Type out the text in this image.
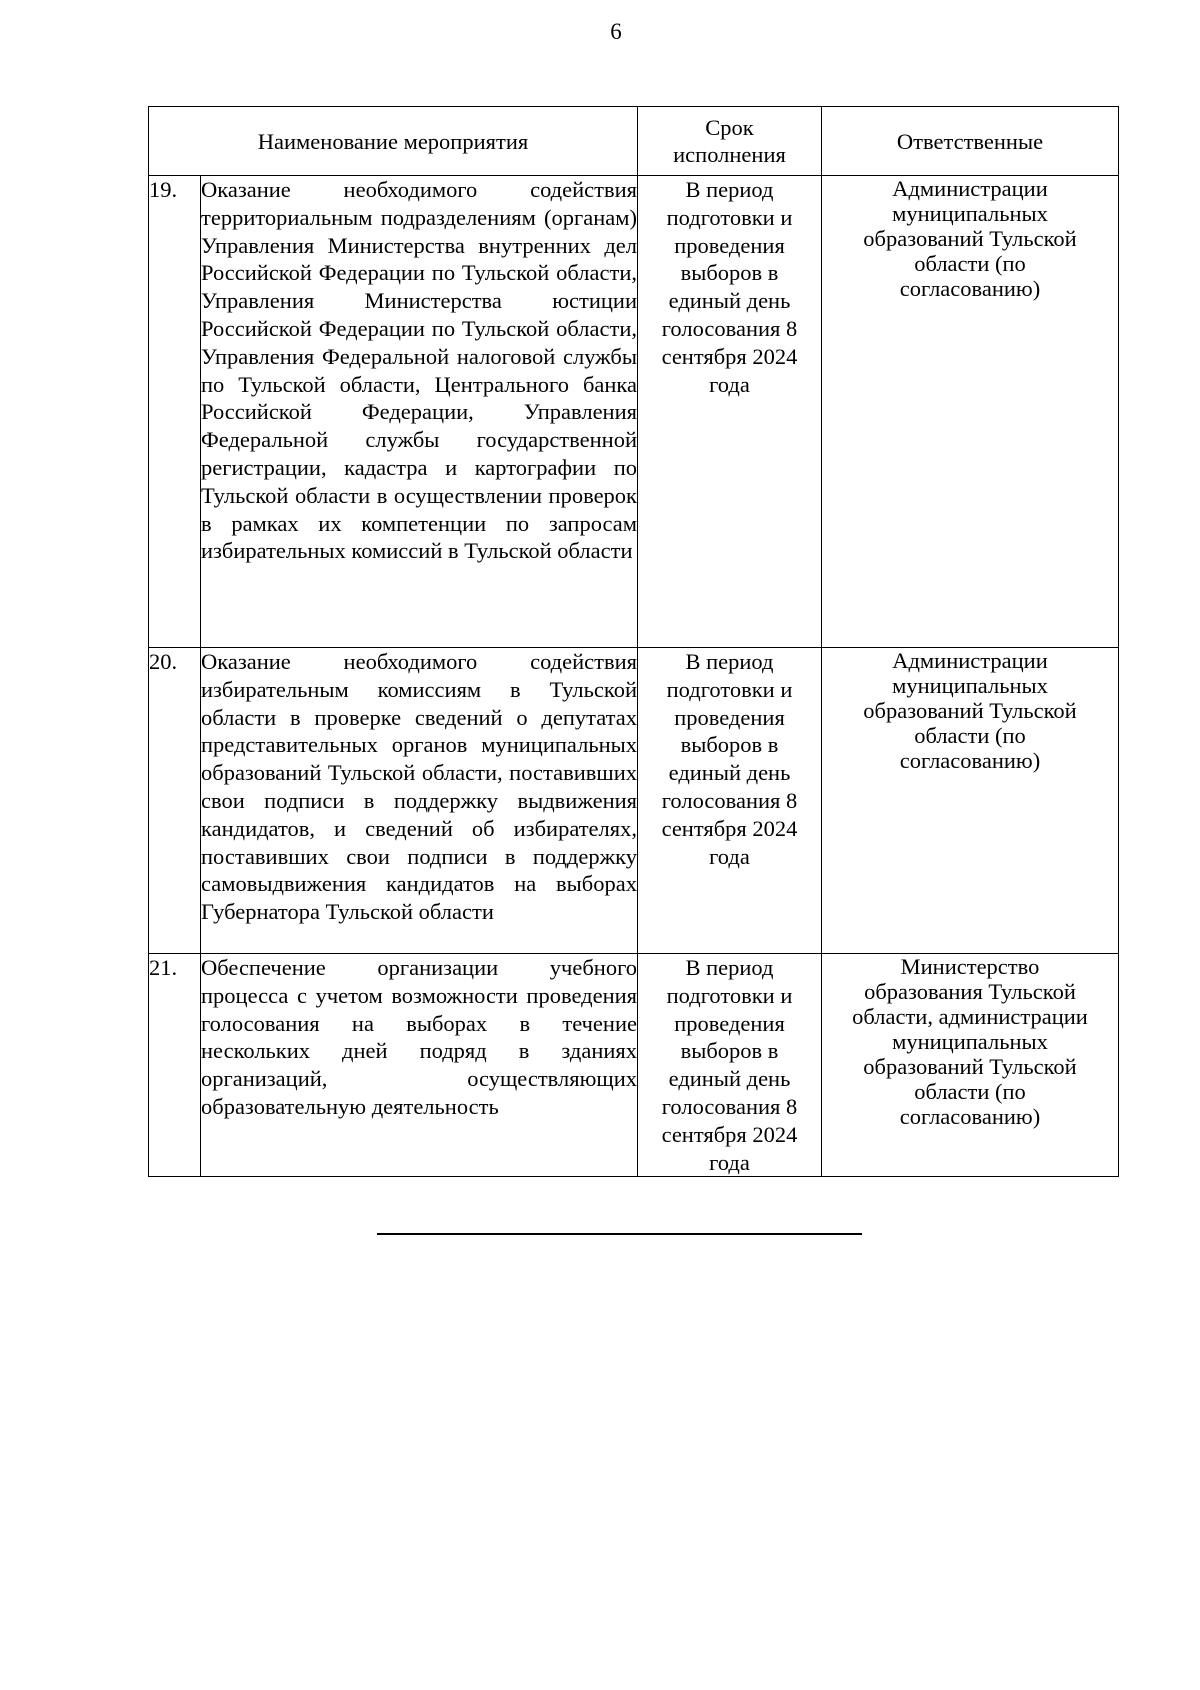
6
Наименование мероприятия		Срок исполнения	Ответственные
19.	Оказание необходимого содействия территориальным подразделениям (органам) Управления Министерства внутренних дел Российской Федерации по Тульской области, Управления Министерства юстиции Российской Федерации по Тульской области, Управления Федеральной налоговой службы по Тульской области, Центрального банка Российской Федерации, Управления Федеральной службы государственной регистрации, кадастра и картографии по Тульской области в осуществлении проверок в рамках их компетенции по запросам избирательных комиссий в Тульской области	В период подготовки и проведения выборов в единый день голосования 8 сентября 2024 года	Администрации муниципальных образований Тульской области (по согласованию)
20.	Оказание необходимого содействия избирательным комиссиям в Тульской области в проверке сведений о депутатах представительных органов муниципальных образований Тульской области, поставивших свои подписи в поддержку выдвижения кандидатов, и сведений об избирателях, поставивших свои подписи в поддержку самовыдвижения кандидатов на выборах Губернатора Тульской области	В период подготовки и проведения выборов в единый день голосования 8 сентября 2024 года	Администрации муниципальных образований Тульской области (по согласованию)
21.	Обеспечение организации учебного процесса с учетом возможности проведения голосования на выборах в течение нескольких дней подряд в зданиях организаций, осуществляющих образовательную деятельность	В период подготовки и проведения выборов в единый день голосования 8 сентября 2024 года	Министерство образования Тульской области, администрации муниципальных образований Тульской области (по согласованию)
